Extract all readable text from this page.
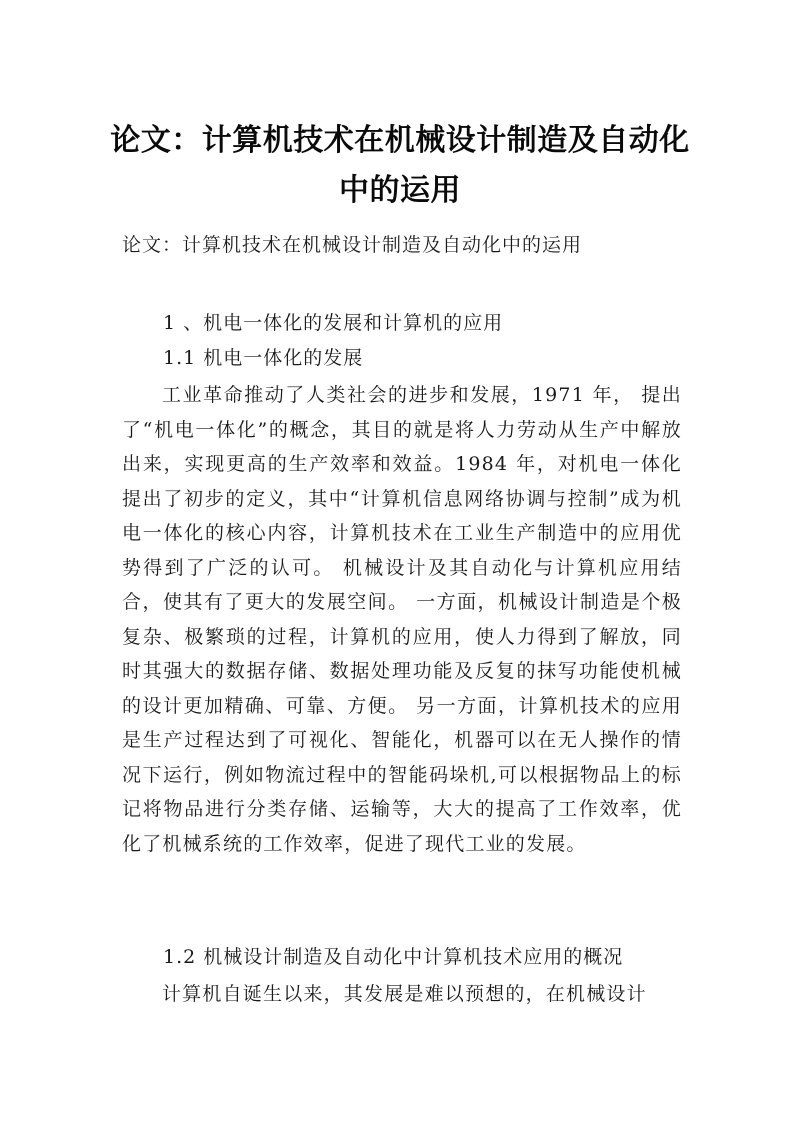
论文：计算机技术在机械设计制造及自动化
中的运用
论文：计算机技术在机械设计制造及自动化中的运用
1 、机电一体化的发展和计算机的应用
1.1 机电一体化的发展

工业革命推动了人类社会的进步和发展，1971 年， 提出了“机电一体化”的概念，其目的就是将人力劳动从生产中解放出来，实现更高的生产效率和效益。1984 年，对机电一体化提出了初步的定义，其中“计算机信息网络协调与控制”成为机电一体化的核心内容，计算机技术在工业生产制造中的应用优势得到了广泛的认可。 机械设计及其自动化与计算机应用结合，使其有了更大的发展空间。 一方面，机械设计制造是个极复杂、极繁琐的过程，计算机的应用，使人力得到了解放，同时其强大的数据存储、数据处理功能及反复的抹写功能使机械的设计更加精确、可靠、方便。 另一方面，计算机技术的应用是生产过程达到了可视化、智能化，机器可以在无人操作的情况下运行，例如物流过程中的智能码垛机,可以根据物品上的标记将物品进行分类存储、运输等，大大的提高了工作效率，优化了机械系统的工作效率，促进了现代工业的发展。

1.2 机械设计制造及自动化中计算机技术应用的概况

计算机自诞生以来，其发展是难以预想的，在机械设计
